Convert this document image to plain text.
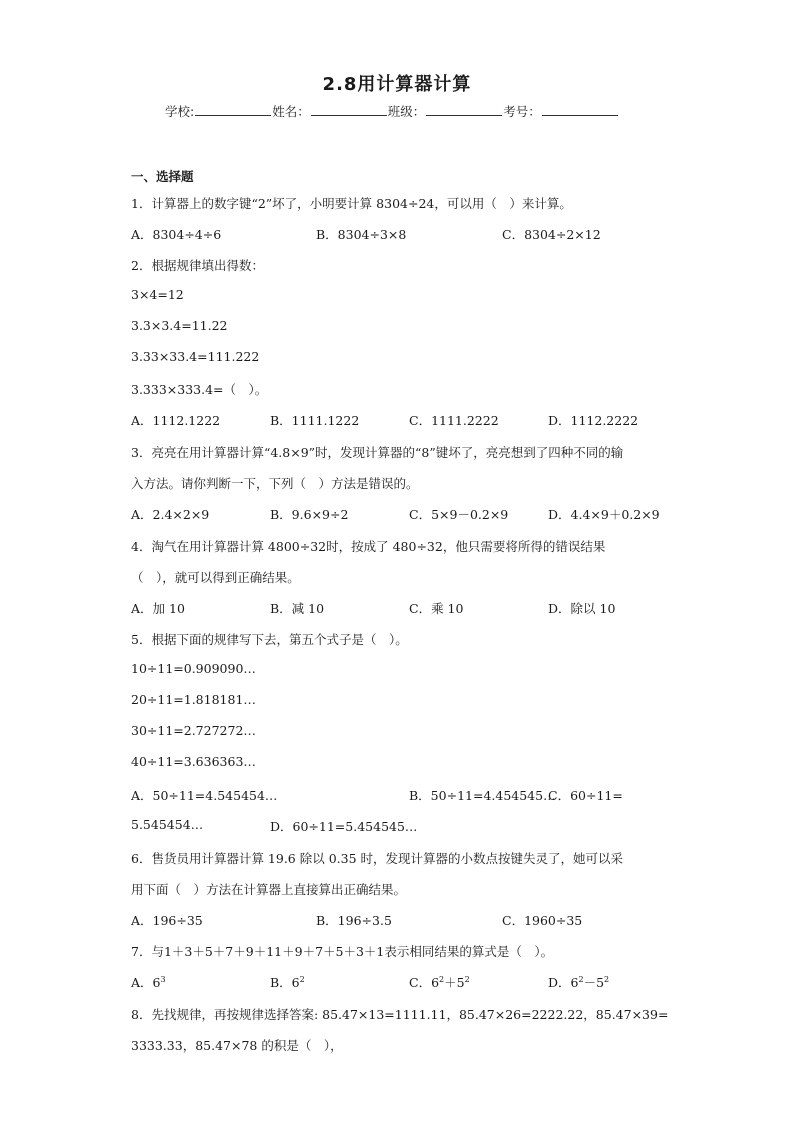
2.8用计算器计算
学校:	姓名：	班级：	考号：
一、选择题
1．计算器上的数字键“2”坏了，小明要计算 8304÷24，可以用（　）来计算。
A．8304÷4÷6	B．8304÷3×8	C．8304÷2×12
2．根据规律填出得数：
3×4=12
3.3×3.4=11.22
3.33×33.4=111.222
3.333×333.4=（　）。
A．1112.1222	B．1111.1222	C．1111.2222	D．1112.2222
3．亮亮在用计算器计算“4.8×9”时，发现计算器的“8”键坏了，亮亮想到了四种不同的输
入方法。请你判断一下，下列（　）方法是错误的。
A．2.4×2×9	B．9.6×9÷2	C．5×9－0.2×9	D．4.4×9＋0.2×9
4．淘气在用计算器计算 4800÷32时，按成了 480÷32，他只需要将所得的错误结果
（　），就可以得到正确结果。
A．加 10	B．减 10	C．乘 10	D．除以 10
5．根据下面的规律写下去，第五个式子是（　）。
10÷11=0.909090…
20÷11=1.818181…
30÷11=2.727272…
40÷11=3.636363…
A．50÷11=4.545454…	B．50÷11=4.454545…
C．60÷11=
5.545454…	D．60÷11=5.454545…
6．售货员用计算器计算 19.6 除以 0.35 时，发现计算器的小数点按键失灵了，她可以采
用下面（　）方法在计算器上直接算出正确结果。
A．196÷35	B．196÷3.5	C．1960÷35
7．与1＋3＋5＋7＋9＋11＋9＋7＋5＋3＋1表示相同结果的算式是（　）。
A．$6^3$	B．$6^2$	C．$6^2+5^2$	D．$6^2-5^2$
8．先找规律，再按规律选择答案: 85.47×13=1111.11，85.47×26=2222.22，85.47×39=
3333.33，85.47×78 的积是（　），
